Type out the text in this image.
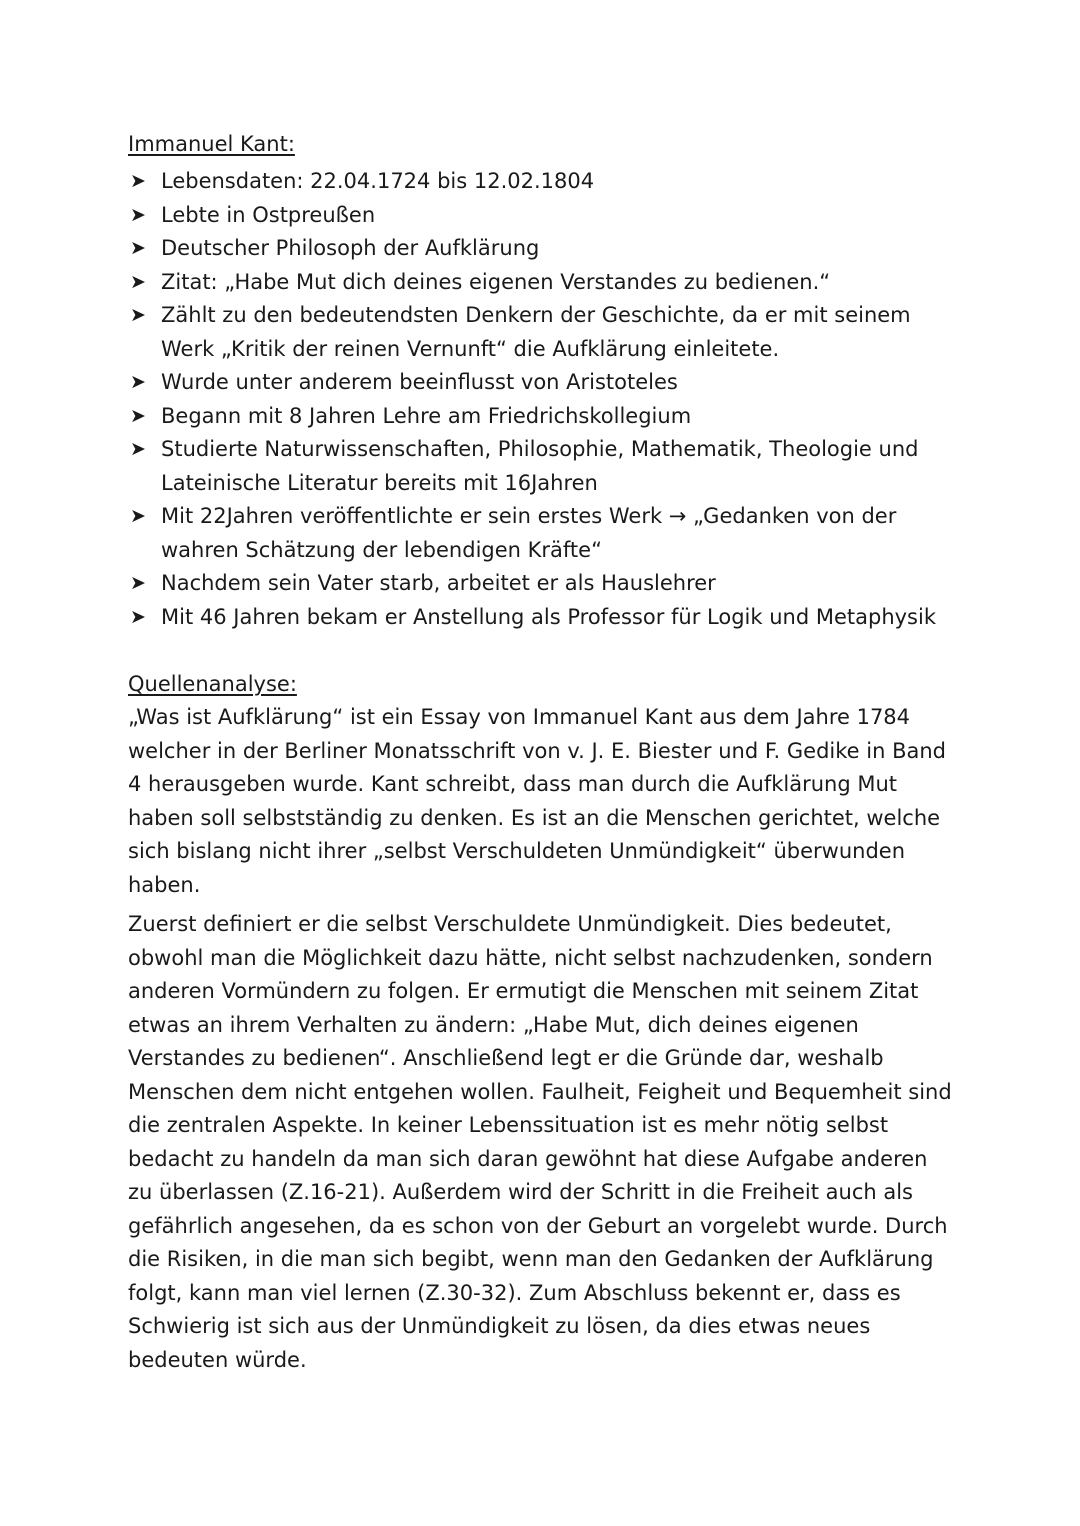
Immanuel Kant:
➤ Lebensdaten: 22.04.1724 bis 12.02.1804
➤ Lebte in Ostpreußen
➤ Deutscher Philosoph der Aufklärung
➤ Zitat: „Habe Mut dich deines eigenen Verstandes zu bedienen.“
➤ Zählt zu den bedeutendsten Denkern der Geschichte, da er mit seinem Werk „Kritik der reinen Vernunft“ die Aufklärung einleitete.
➤ Wurde unter anderem beeinflusst von Aristoteles
➤ Begann mit 8 Jahren Lehre am Friedrichskollegium
➤ Studierte Naturwissenschaften, Philosophie, Mathematik, Theologie und Lateinische Literatur bereits mit 16Jahren
➤ Mit 22Jahren veröffentlichte er sein erstes Werk → „Gedanken von der wahren Schätzung der lebendigen Kräfte“
➤ Nachdem sein Vater starb, arbeitet er als Hauslehrer
➤ Mit 46 Jahren bekam er Anstellung als Professor für Logik und Metaphysik
Quellenanalyse:

„Was ist Aufklärung“ ist ein Essay von Immanuel Kant aus dem Jahre 1784 welcher in der Berliner Monatsschrift von v. J. E. Biester und F. Gedike in Band 4 herausgeben wurde. Kant schreibt, dass man durch die Aufklärung Mut haben soll selbstständig zu denken. Es ist an die Menschen gerichtet, welche sich bislang nicht ihrer „selbst Verschuldeten Unmündigkeit“ überwunden haben.

Zuerst definiert er die selbst Verschuldete Unmündigkeit. Dies bedeutet, obwohl man die Möglichkeit dazu hätte, nicht selbst nachzudenken, sondern anderen Vormündern zu folgen. Er ermutigt die Menschen mit seinem Zitat etwas an ihrem Verhalten zu ändern: „Habe Mut, dich deines eigenen Verstandes zu bedienen“. Anschließend legt er die Gründe dar, weshalb Menschen dem nicht entgehen wollen. Faulheit, Feigheit und Bequemheit sind die zentralen Aspekte. In keiner Lebenssituation ist es mehr nötig selbst bedacht zu handeln da man sich daran gewöhnt hat diese Aufgabe anderen zu überlassen (Z.16-21). Außerdem wird der Schritt in die Freiheit auch als gefährlich angesehen, da es schon von der Geburt an vorgelebt wurde. Durch die Risiken, in die man sich begibt, wenn man den Gedanken der Aufklärung folgt, kann man viel lernen (Z.30-32). Zum Abschluss bekennt er, dass es Schwierig ist sich aus der Unmündigkeit zu lösen, da dies etwas neues bedeuten würde.
